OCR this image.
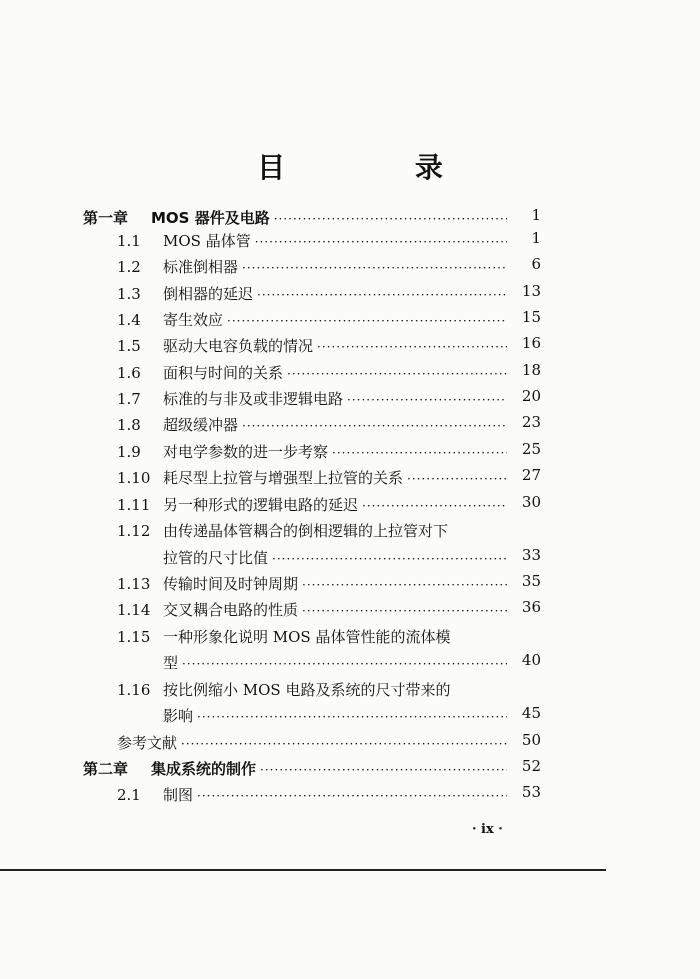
目 录
第一章	MOS 器件及电路 ·····	1
1.1	MOS 晶体管 ·····	1
1.2	标准倒相器 ·····	6
1.3	倒相器的延迟 ·····	13
1.4	寄生效应 ·····	15
1.5	驱动大电容负载的情况 ·····	16
1.6	面积与时间的关系 ·····	18
1.7	标准的与非及或非逻辑电路 ·····	20
1.8	超级缓冲器 ·····	23
1.9	对电学参数的进一步考察 ·····	25
1.10 耗尽型上拉管与增强型上拉管的关系 ·····	27
1.11 另一种形式的逻辑电路的延迟 ·····	30
1.12 由传递晶体管耦合的倒相逻辑的上拉管对下
拉管的尺寸比值 ·····	33
1.13 传输时间及时钟周期 ·····	35
1.14 交叉耦合电路的性质 ·····	36
1.15 一种形象化说明 MOS 晶体管性能的流体模
型 ·····	40
1.16 按比例缩小 MOS 电路及系统的尺寸带来的
影响 ·····	45
参考文献 ·····	50
第二章	集成系统的制作 ·····	52
2.1	制图 ·····	53
· ix ·
